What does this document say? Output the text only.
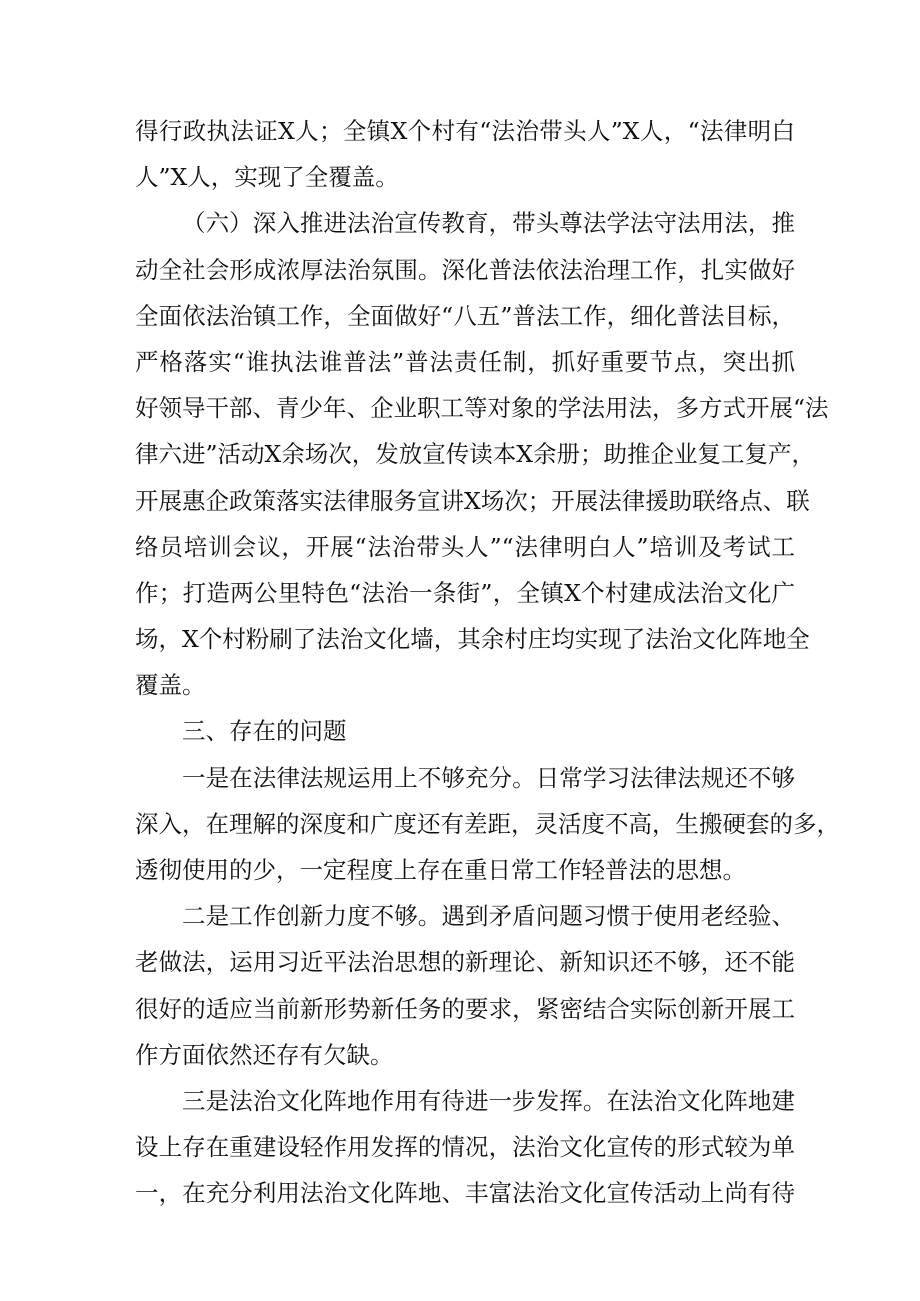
得行政执法证X人；全镇X个村有“法治带头人”X人，“法律明白
人”X人，实现了全覆盖。
（六）深入推进法治宣传教育，带头尊法学法守法用法，推
动全社会形成浓厚法治氛围。深化普法依法治理工作，扎实做好
全面依法治镇工作，全面做好“八五”普法工作，细化普法目标，
严格落实“谁执法谁普法”普法责任制，抓好重要节点，突出抓
好领导干部、青少年、企业职工等对象的学法用法，多方式开展“法
律六进”活动X余场次，发放宣传读本X余册；助推企业复工复产，
开展惠企政策落实法律服务宣讲X场次；开展法律援助联络点、联
络员培训会议，开展“法治带头人”“法律明白人”培训及考试工
作；打造两公里特色“法治一条街”，全镇X个村建成法治文化广
场，X个村粉刷了法治文化墙，其余村庄均实现了法治文化阵地全
覆盖。
三、存在的问题
一是在法律法规运用上不够充分。日常学习法律法规还不够
深入，在理解的深度和广度还有差距，灵活度不高，生搬硬套的多，
透彻使用的少，一定程度上存在重日常工作轻普法的思想。
二是工作创新力度不够。遇到矛盾问题习惯于使用老经验、
老做法，运用习近平法治思想的新理论、新知识还不够，还不能
很好的适应当前新形势新任务的要求，紧密结合实际创新开展工
作方面依然还存有欠缺。
三是法治文化阵地作用有待进一步发挥。在法治文化阵地建
设上存在重建设轻作用发挥的情况，法治文化宣传的形式较为单
一，在充分利用法治文化阵地、丰富法治文化宣传活动上尚有待
